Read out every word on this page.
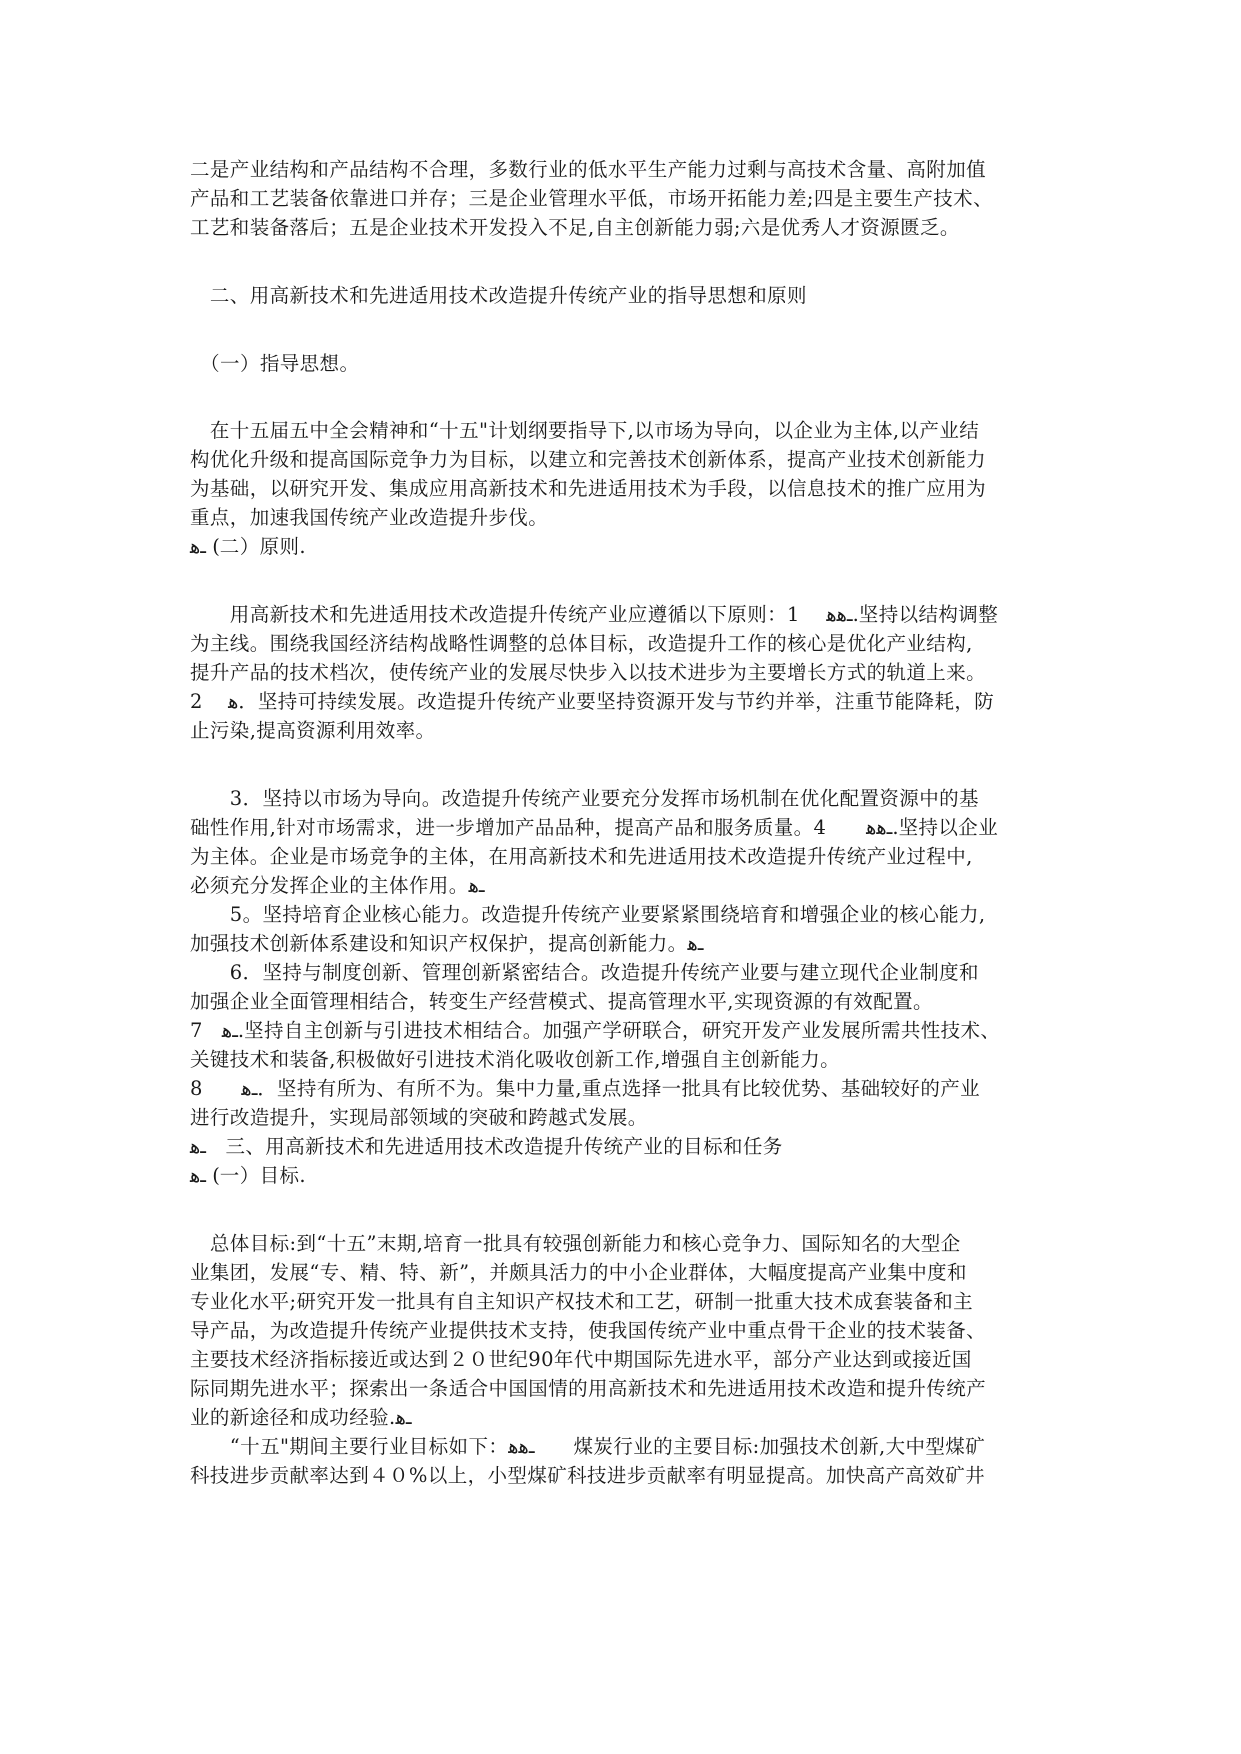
二是产业结构和产品结构不合理，多数行业的低水平生产能力过剩与高技术含量、高附加值
产品和工艺装备依靠进口并存；三是企业管理水平低，市场开拓能力差;四是主要生产技术、
工艺和装备落后；五是企业技术开发投入不足,自主创新能力弱;六是优秀人才资源匮乏。
　二、用高新技术和先进适用技术改造提升传统产业的指导思想和原则
　（一）指导思想。
　在十五届五中全会精神和“十五"计划纲要指导下,以市场为导向，以企业为主体,以产业结
构优化升级和提高国际竞争力为目标，以建立和完善技术创新体系，提高产业技术创新能力
为基础，以研究开发、集成应用高新技术和先进适用技术为手段，以信息技术的推广应用为
重点，加速我国传统产业改造提升步伐。
ـﻫ (二）原则.
　　用高新技术和先进适用技术改造提升传统产业应遵循以下原则：1 　ـﻫﻫ.坚持以结构调整
为主线。围绕我国经济结构战略性调整的总体目标，改造提升工作的核心是优化产业结构,
提升产品的技术档次，使传统产业的发展尽快步入以技术进步为主要增长方式的轨道上来。
2 　ﻫ．坚持可持续发展。改造提升传统产业要坚持资源开发与节约并举，注重节能降耗，防
止污染,提高资源利用效率。
　　3．坚持以市场为导向。改造提升传统产业要充分发挥市场机制在优化配置资源中的基
础性作用,针对市场需求，进一步增加产品品种，提高产品和服务质量。4　　ـﻫﻫ.坚持以企业
为主体。企业是市场竞争的主体，在用高新技术和先进适用技术改造提升传统产业过程中,
必须充分发挥企业的主体作用。ـﻫ
　　5。坚持培育企业核心能力。改造提升传统产业要紧紧围绕培育和增强企业的核心能力,
加强技术创新体系建设和知识产权保护，提高创新能力。ـﻫ
　　6．坚持与制度创新、管理创新紧密结合。改造提升传统产业要与建立现代企业制度和
加强企业全面管理相结合，转变生产经营模式、提高管理水平,实现资源的有效配置。
7　ـﻫ.坚持自主创新与引进技术相结合。加强产学研联合，研究开发产业发展所需共性技术、
关键技术和装备,积极做好引进技术消化吸收创新工作,增强自主创新能力。
8　　ـﻫ．坚持有所为、有所不为。集中力量,重点选择一批具有比较优势、基础较好的产业
进行改造提升，实现局部领域的突破和跨越式发展。
ـﻫ　三、用高新技术和先进适用技术改造提升传统产业的目标和任务
ـﻫ (一）目标.
　总体目标:到“十五”末期,培育一批具有较强创新能力和核心竞争力、国际知名的大型企
业集团，发展“专、精、特、新”，并颇具活力的中小企业群体，大幅度提高产业集中度和
专业化水平;研究开发一批具有自主知识产权技术和工艺，研制一批重大技术成套装备和主
导产品，为改造提升传统产业提供技术支持，使我国传统产业中重点骨干企业的技术装备、
主要技术经济指标接近或达到２０世纪90年代中期国际先进水平，部分产业达到或接近国
际同期先进水平；探索出一条适合中国国情的用高新技术和先进适用技术改造和提升传统产
业的新途径和成功经验.ـﻫ
　　“十五"期间主要行业目标如下：ـﻫﻫ　　煤炭行业的主要目标:加强技术创新,大中型煤矿
科技进步贡献率达到４０%以上，小型煤矿科技进步贡献率有明显提高。加快高产高效矿井
